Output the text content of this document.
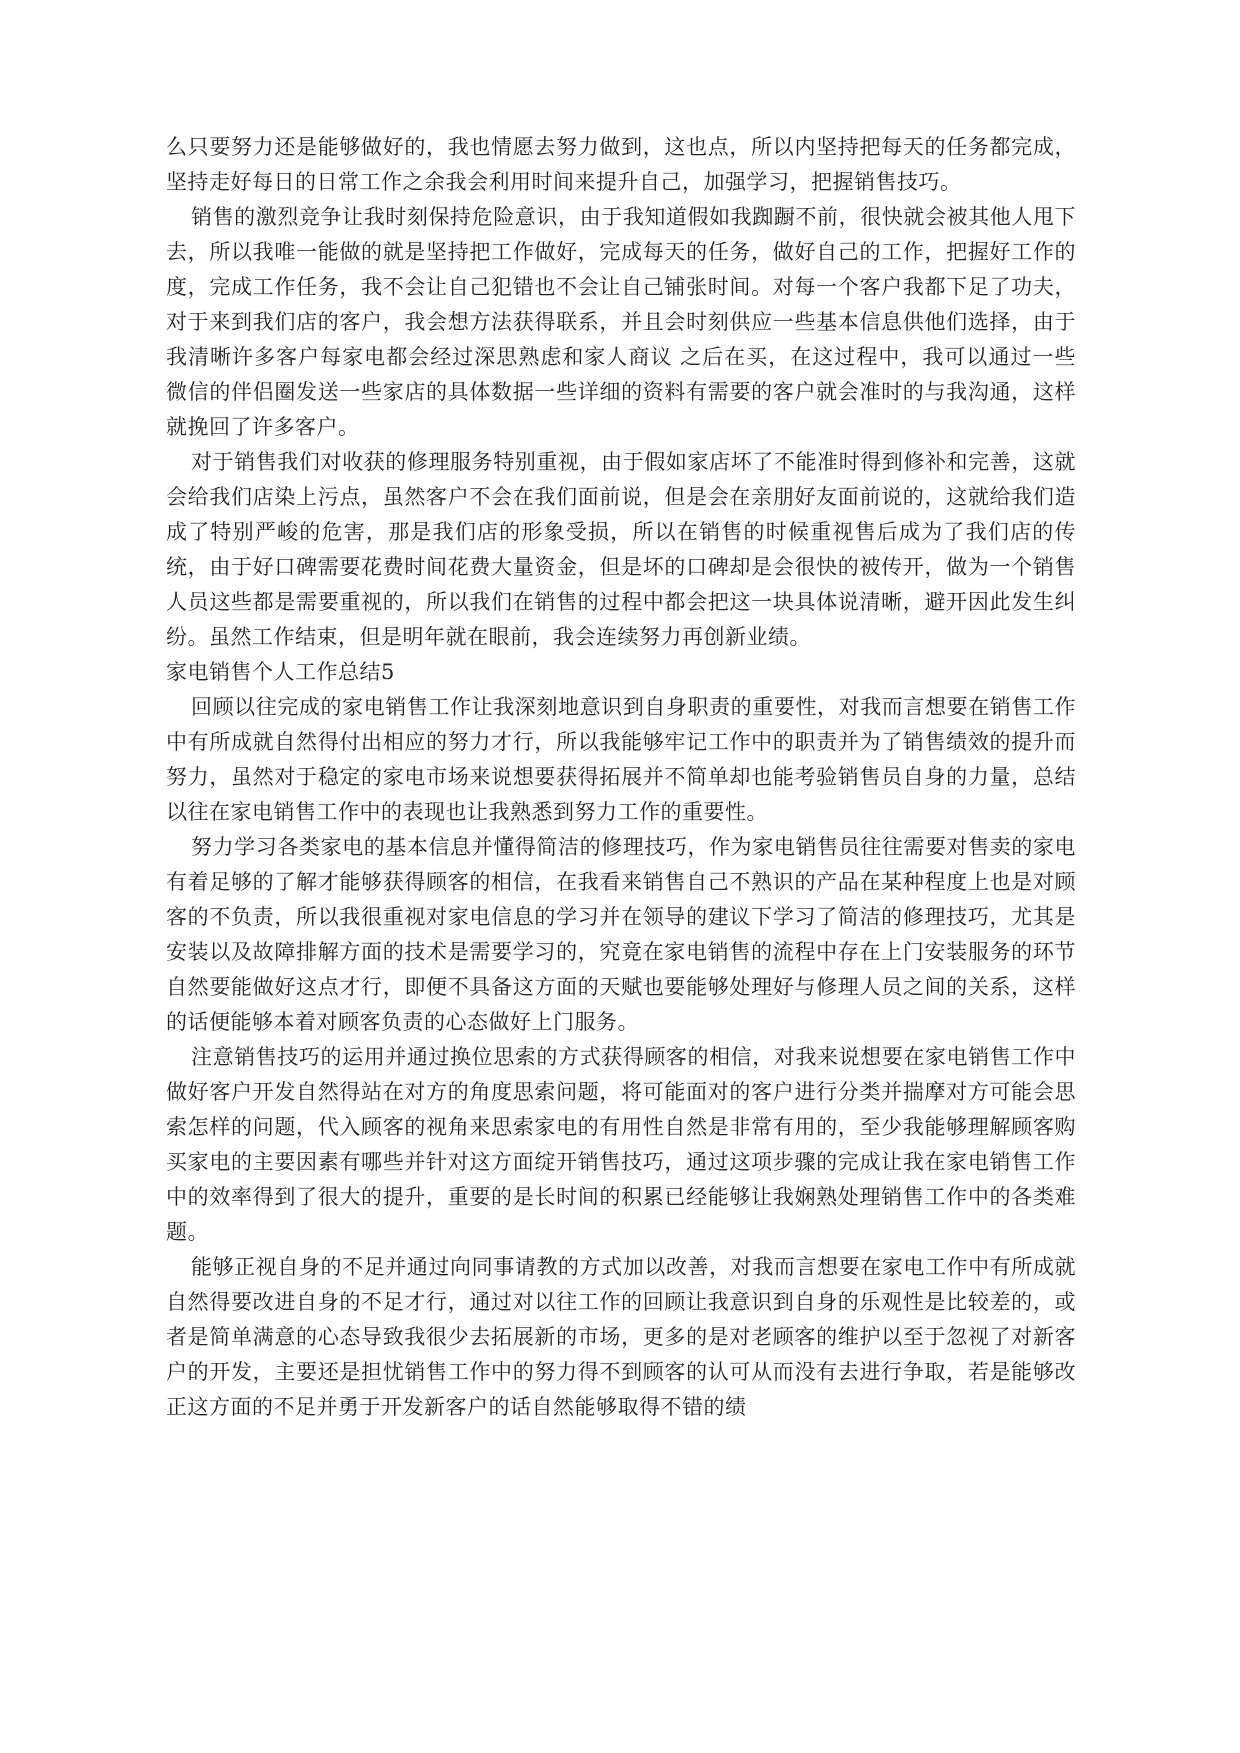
么只要努力还是能够做好的，我也情愿去努力做到，这也点，所以内坚持把每天的任务都完成，坚持走好每日的日常工作之余我会利用时间来提升自己，加强学习，把握销售技巧。

销售的激烈竞争让我时刻保持危险意识，由于我知道假如我踟蹰不前，很快就会被其他人甩下去，所以我唯一能做的就是坚持把工作做好，完成每天的任务，做好自己的工作，把握好工作的度，完成工作任务，我不会让自己犯错也不会让自己铺张时间。对每一个客户我都下足了功夫，对于来到我们店的客户，我会想方法获得联系，并且会时刻供应一些基本信息供他们选择，由于我清晰许多客户每家电都会经过深思熟虑和家人商议 之后在买，在这过程中，我可以通过一些微信的伴侣圈发送一些家店的具体数据一些详细的资料有需要的客户就会准时的与我沟通，这样就挽回了许多客户。

对于销售我们对收获的修理服务特别重视，由于假如家店坏了不能准时得到修补和完善，这就会给我们店染上污点，虽然客户不会在我们面前说，但是会在亲朋好友面前说的，这就给我们造成了特别严峻的危害，那是我们店的形象受损，所以在销售的时候重视售后成为了我们店的传统，由于好口碑需要花费时间花费大量资金，但是坏的口碑却是会很快的被传开，做为一个销售人员这些都是需要重视的，所以我们在销售的过程中都会把这一块具体说清晰，避开因此发生纠纷。虽然工作结束，但是明年就在眼前，我会连续努力再创新业绩。

家电销售个人工作总结5

回顾以往完成的家电销售工作让我深刻地意识到自身职责的重要性，对我而言想要在销售工作中有所成就自然得付出相应的努力才行，所以我能够牢记工作中的职责并为了销售绩效的提升而努力，虽然对于稳定的家电市场来说想要获得拓展并不简单却也能考验销售员自身的力量，总结以往在家电销售工作中的表现也让我熟悉到努力工作的重要性。

努力学习各类家电的基本信息并懂得简洁的修理技巧，作为家电销售员往往需要对售卖的家电有着足够的了解才能够获得顾客的相信，在我看来销售自己不熟识的产品在某种程度上也是对顾客的不负责，所以我很重视对家电信息的学习并在领导的建议下学习了简洁的修理技巧，尤其是安装以及故障排解方面的技术是需要学习的，究竟在家电销售的流程中存在上门安装服务的环节自然要能做好这点才行，即便不具备这方面的天赋也要能够处理好与修理人员之间的关系，这样的话便能够本着对顾客负责的心态做好上门服务。

注意销售技巧的运用并通过换位思索的方式获得顾客的相信，对我来说想要在家电销售工作中做好客户开发自然得站在对方的角度思索问题，将可能面对的客户进行分类并揣摩对方可能会思索怎样的问题，代入顾客的视角来思索家电的有用性自然是非常有用的，至少我能够理解顾客购买家电的主要因素有哪些并针对这方面绽开销售技巧，通过这项步骤的完成让我在家电销售工作中的效率得到了很大的提升，重要的是长时间的积累已经能够让我娴熟处理销售工作中的各类难题。

能够正视自身的不足并通过向同事请教的方式加以改善，对我而言想要在家电工作中有所成就自然得要改进自身的不足才行，通过对以往工作的回顾让我意识到自身的乐观性是比较差的，或者是简单满意的心态导致我很少去拓展新的市场，更多的是对老顾客的维护以至于忽视了对新客户的开发，主要还是担忧销售工作中的努力得不到顾客的认可从而没有去进行争取，若是能够改正这方面的不足并勇于开发新客户的话自然能够取得不错的绩
